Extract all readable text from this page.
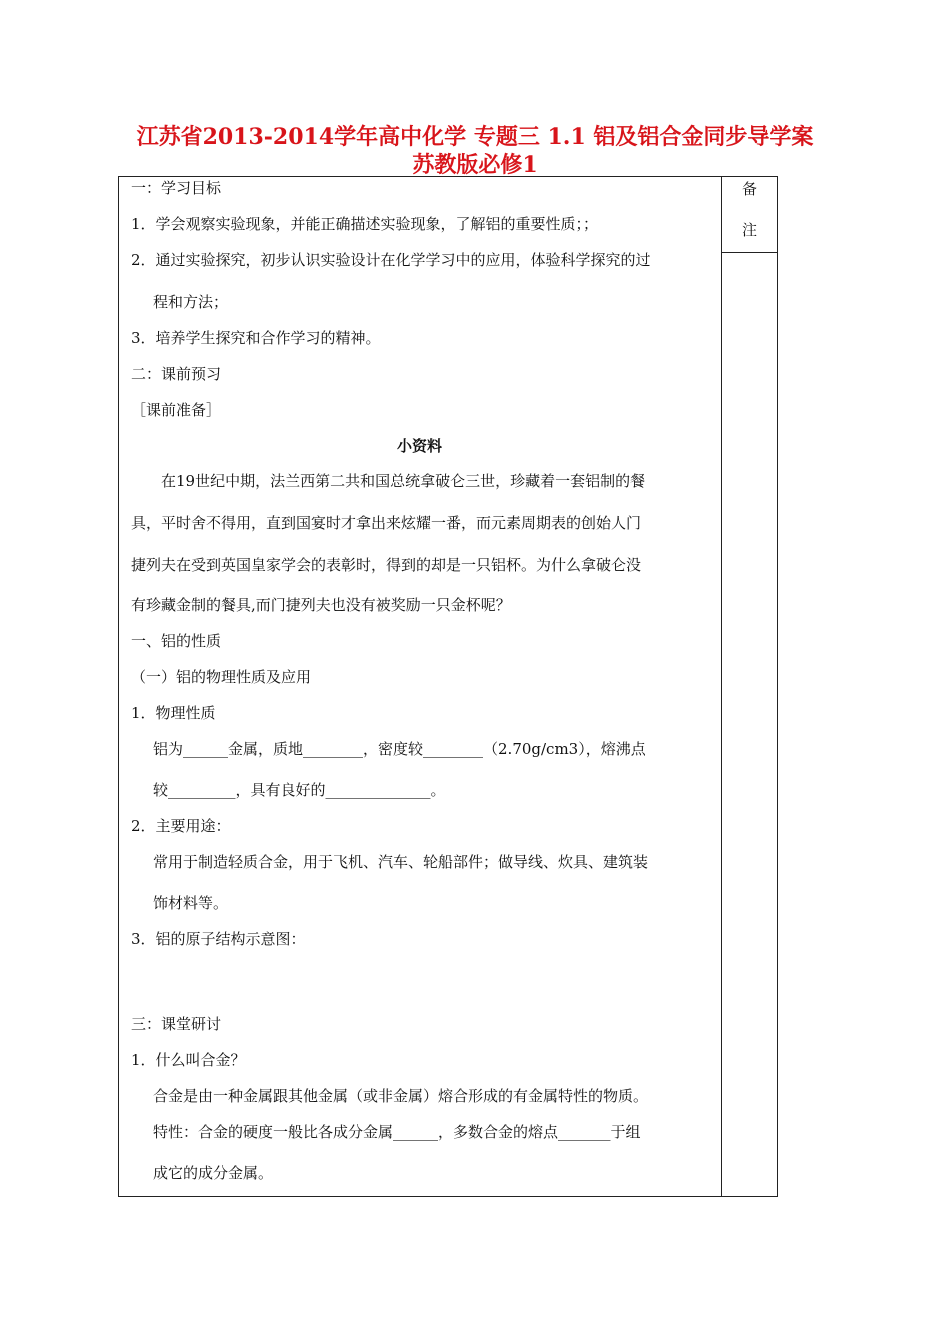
江苏省2013-2014学年高中化学 专题三 1.1 铝及铝合金同步导学案
苏教版必修1
备
注
一：学习目标
1．学会观察实验现象，并能正确描述实验现象，了解铝的重要性质；；
2．通过实验探究，初步认识实验设计在化学学习中的应用，体验科学探究的过
程和方法；
3．培养学生探究和合作学习的精神。
二：课前预习
［课前准备］
小资料
在19世纪中期，法兰西第二共和国总统拿破仑三世，珍藏着一套铝制的餐
具，平时舍不得用，直到国宴时才拿出来炫耀一番，而元素周期表的创始人门
捷列夫在受到英国皇家学会的表彰时，得到的却是一只铝杯。为什么拿破仑没
有珍藏金制的餐具,而门捷列夫也没有被奖励一只金杯呢？
一、铝的性质
（一）铝的物理性质及应用
1．物理性质
铝为______金属，质地________，密度较________（2.70g/cm3），熔沸点
较_________，具有良好的______________。
2．主要用途：
常用于制造轻质合金，用于飞机、汽车、轮船部件；做导线、炊具、建筑装
饰材料等。
3．铝的原子结构示意图：
三：课堂研讨
1．什么叫合金？
合金是由一种金属跟其他金属（或非金属）熔合形成的有金属特性的物质。
特性：合金的硬度一般比各成分金属______，多数合金的熔点_______于组
成它的成分金属。
